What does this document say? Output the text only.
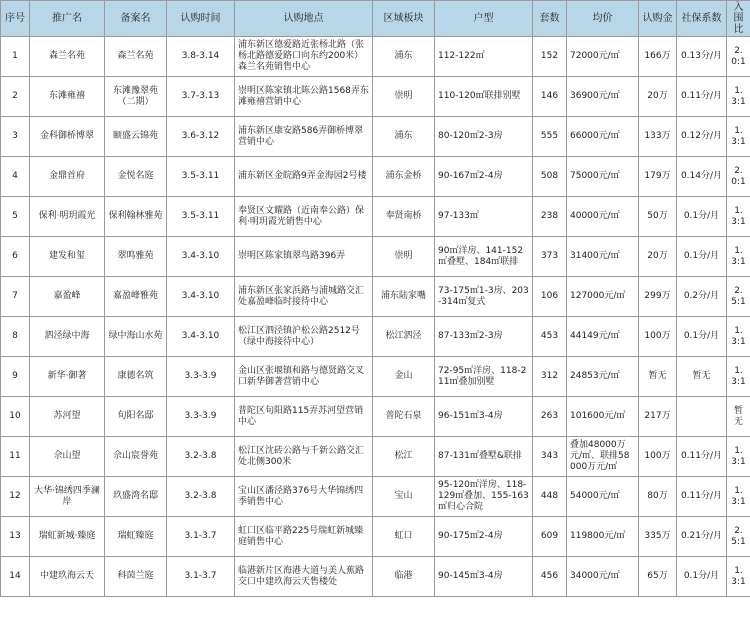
序号	推广名	备案名	认购时间	认购地点	区域板块	户型	套数	均价	认购金	社保系数	入围比
1	森兰名苑	森兰名苑	3.8-3.14	浦东新区德爱路近张杨北路（张杨北路德爱路口向东约200米）森兰名苑销售中心	浦东	112-122㎡	152	72000元/㎡	166万	0.13分/月	2.0:1
2	东滩雍禧	东滩豫翠苑（二期）	3.7-3.13	崇明区陈家镇北陈公路1568弄东滩雍禧营销中心	崇明	110-120㎡联排别墅	146	36900元/㎡	20万	0.11分/月	1.3:1
3	金科御桥博翠	颐盛云锦苑	3.6-3.12	浦东新区康安路586弄御桥博翠营销中心	浦东	80-120㎡2-3房	555	66000元/㎡	133万	0.12分/月	1.3:1
4	金鼎首府	金悦名庭	3.5-3.11	浦东新区金皖路9弄金海园2号楼	浦东金桥	90-167㎡2-4房	508	75000元/㎡	179万	0.14分/月	2.0:1
5	保利·明玥霞光	保利翰林雅苑	3.5-3.11	奉贤区文耀路（近南奉公路）保利·明玥霞光销售中心	奉贤南桥	97-133㎡	238	40000元/㎡	50万	0.1分/月	1.3:1
6	建发和玺	翠鸣雅苑	3.4-3.10	崇明区陈家镇翠鸟路396弄	崇明	90㎡洋房、141-152㎡叠墅、184㎡联排	373	31400元/㎡	20万	0.1分/月	1.3:1
7	嘉盈峰	嘉盈峰雅苑	3.4-3.10	浦东新区张家浜路与浦城路交汇处嘉盈峰临时接待中心	浦东陆家嘴	73-175㎡1-3房、203-314㎡复式	106	127000元/㎡	299万	0.2分/月	2.5:1
8	泗泾绿中海	绿中海山水苑	3.4-3.10	松江区泗泾镇沪松公路2512号（绿中海接待中心）	松江泗泾	87-133㎡2-3房	453	44149元/㎡	100万	0.1分/月	1.3:1
9	新华·御著	康德名筑	3.3-3.9	金山区张堰镇和路与德贤路交叉口新华御著营销中心	金山	72-95㎡洋房、118-211㎡叠加别墅	312	24853元/㎡	暂无	暂无	1.3:1
10	苏河望	旬阳名邸	3.3-3.9	普陀区旬阳路115弄苏河望营销中心	普陀石泉	96-151㎡3-4房	263	101600元/㎡	217万		暂无
11	佘山望	佘山宸誉苑	3.2-3.8	松江区沈砖公路与千新公路交汇处北侧300米	松江	87-131㎡叠墅&联排	343	叠加48000万元/㎡、联排58000万元/㎡	100万	0.11分/月	1.3:1
12	大华·锦绣四季澜岸	玖盛湾名邸	3.2-3.8	宝山区潘泾路376号大华锦绣四季销售中心	宝山	95-120㎡洋房、118-129㎡叠加、155-163㎡归心合院	448	54000元/㎡	80万	0.11分/月	1.3:1
13	瑞虹新城·臻庭	瑞虹臻庭	3.1-3.7	虹口区临平路225号瑞虹新城臻庭销售中心	虹口	90-175㎡2-4房	609	119800元/㎡	335万	0.21分/月	2.5:1
14	中建玖海云天	科茵兰庭	3.1-3.7	临港新片区海港大道与美人蕉路交口中建玖海云天售楼处	临港	90-145㎡3-4房	456	34000元/㎡	65万	0.1分/月	1.3:1
